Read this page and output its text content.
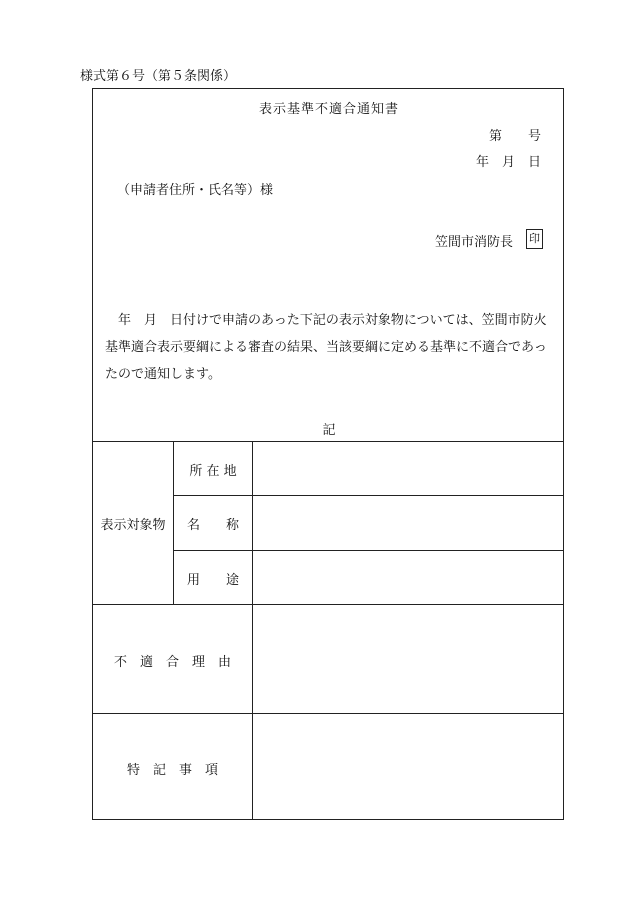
様式第６号（第５条関係）
表示基準不適合通知書
第　　号
年　月　日
（申請者住所・氏名等）様
笠間市消防長 印
年　月　日付けで申請のあった下記の表示対象物については、笠間市防火基準適合表示要綱による審査の結果、当該要綱に定める基準に不適合であったので通知します。
記
表示対象物
所 在 地
名　　称
用　　途
不　適　合　理　由
特　記　事　項
